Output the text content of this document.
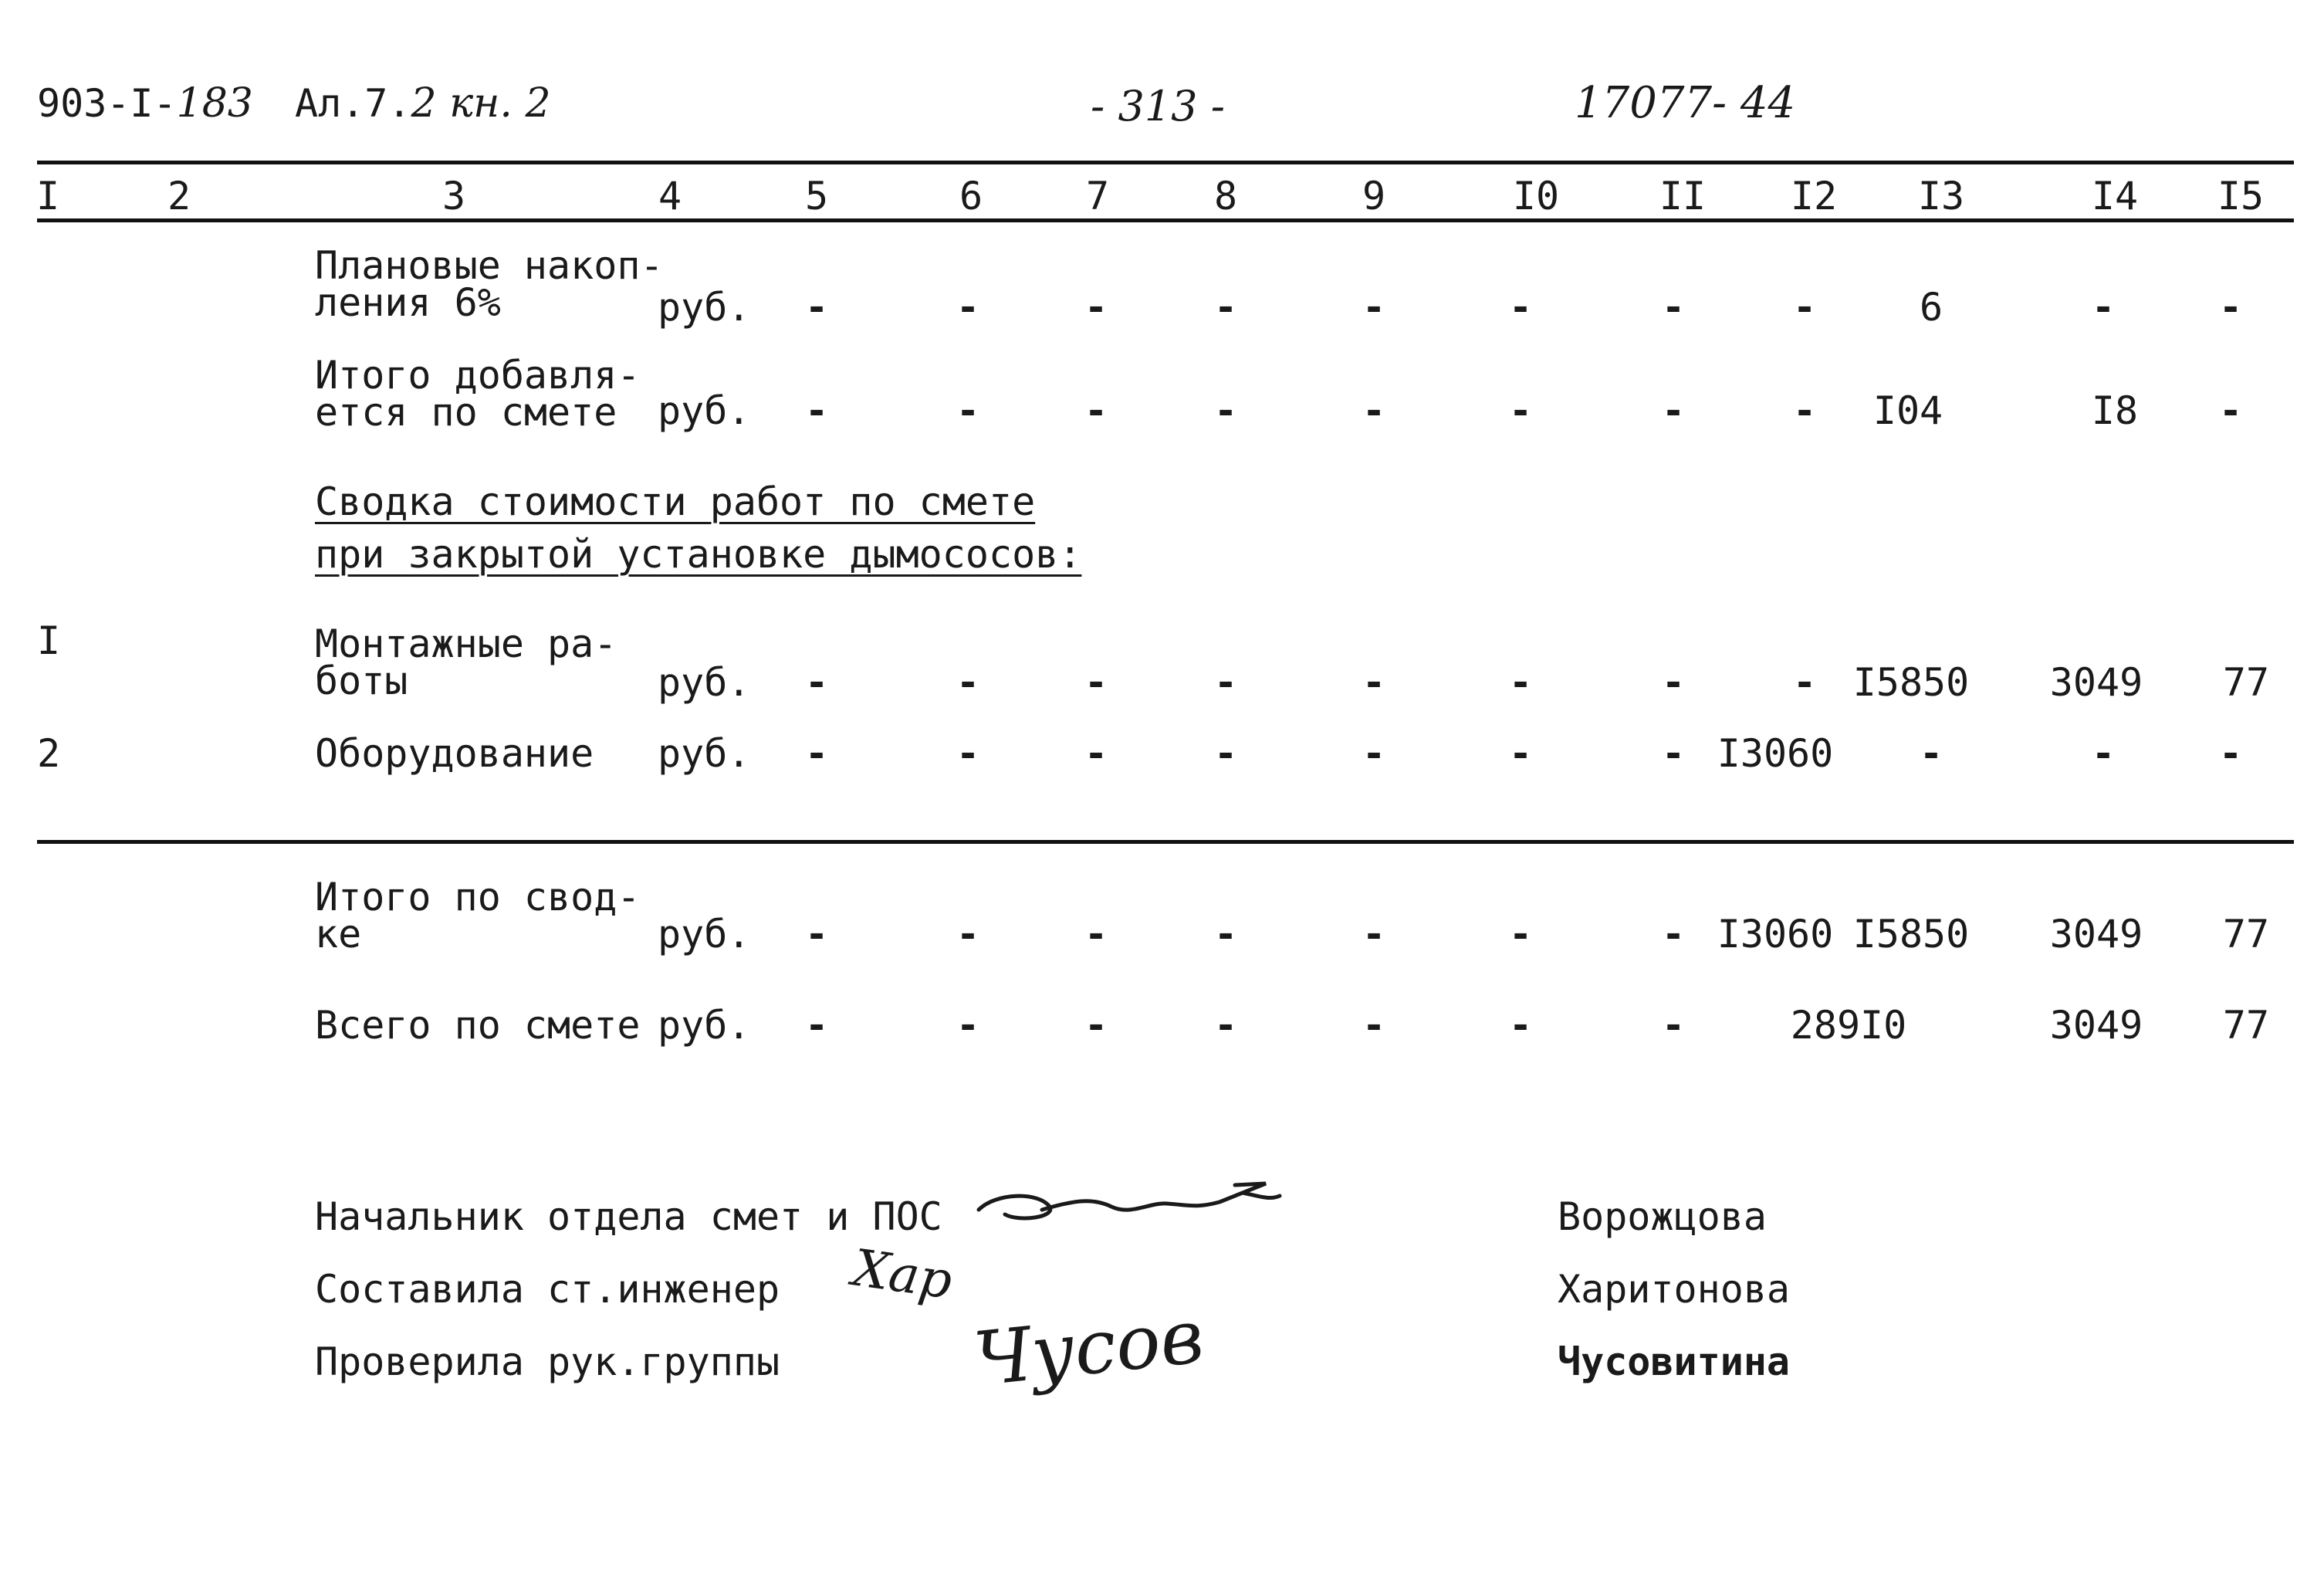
903-I-183 Ал.7.2 кн. 2	- 313 -	17077- 44
I	2	3	4	5	6	7	8	9	I0	II I2 I3	I4 I5
Плановые накоп-
ления 6%	руб. -	-	-	-	-	-	-	-	6	-	-
Итого добавля-
ется по смете	руб. -	-	-	-	-	-	-	- I04	I8 -
Сводка стоимости работ по смете
при закрытой установке дымососов:
I	Монтажные ра-
боты	руб. -	-	-	-	-	-	-	- I5850 3049 77
2	Оборудование руб. -	-	-	-	-	-	- I3060 -	-	-
Итого по свод-
ке	руб. -	-	-	-	-	-	- I3060 I5850 3049 77
Всего по смете руб. -	-	-	-	-	-	-	289I0	3049 77
Начальник отдела смет и ПОС	Ворожцова
Составила ст.инженер	Харитонова
Проверила рук.группы	Чусовитина
Хар
Чусов
